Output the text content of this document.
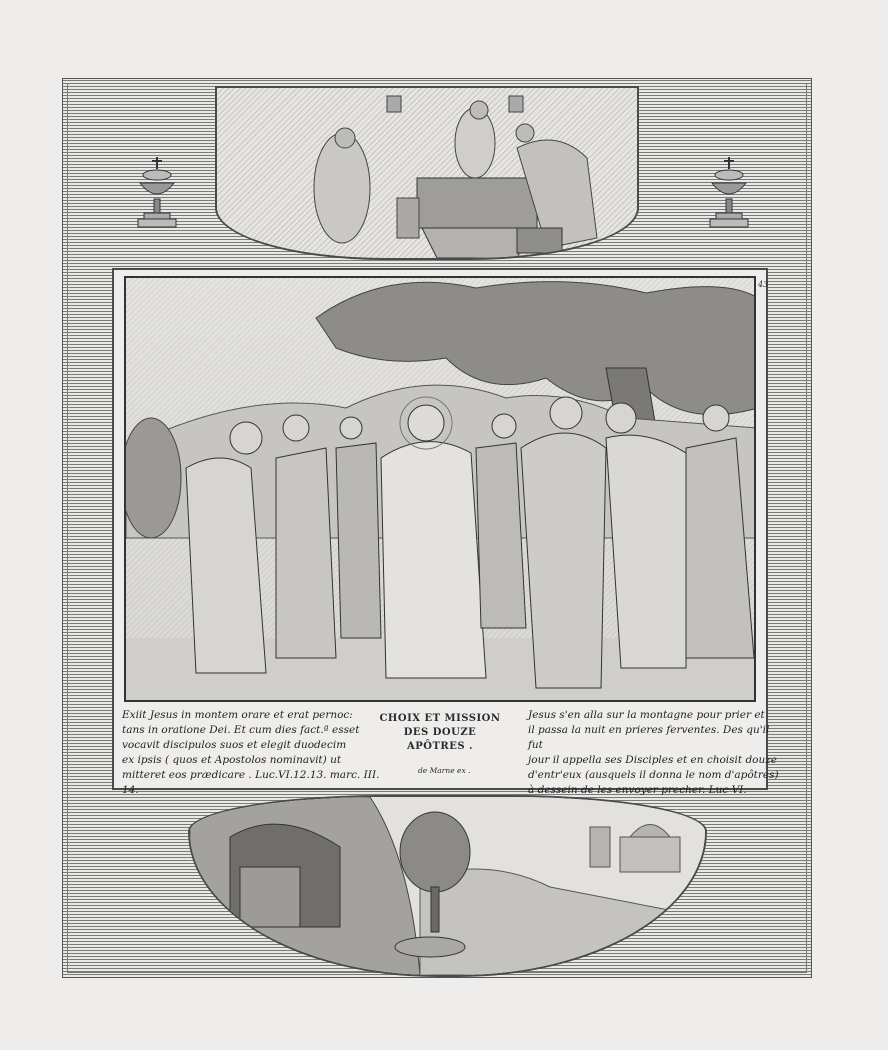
43
Exiit Jesus in montem orare et erat pernoc:
tans in oratione Dei. Et cum dies fact.ª esset
vocavit discipulos suos et elegit duodecim
ex ipsis ( quos et Apostolos nominavit) ut
mitteret eos prædicare . Luc.VI.12.13. marc. III. 14.
CHOIX ET MISSION
DES DOUZE
APÔTRES .
de Marne ex .
Jesus s'en alla sur la montagne pour prier et
il passa la nuit en prieres ferventes. Des qu'il fut
jour il appella ses Disciples et en choisit douze
d'entr'eux (ausquels il donna le nom d'apôtres)
à dessein de les envoyer precher. Luc VI.
